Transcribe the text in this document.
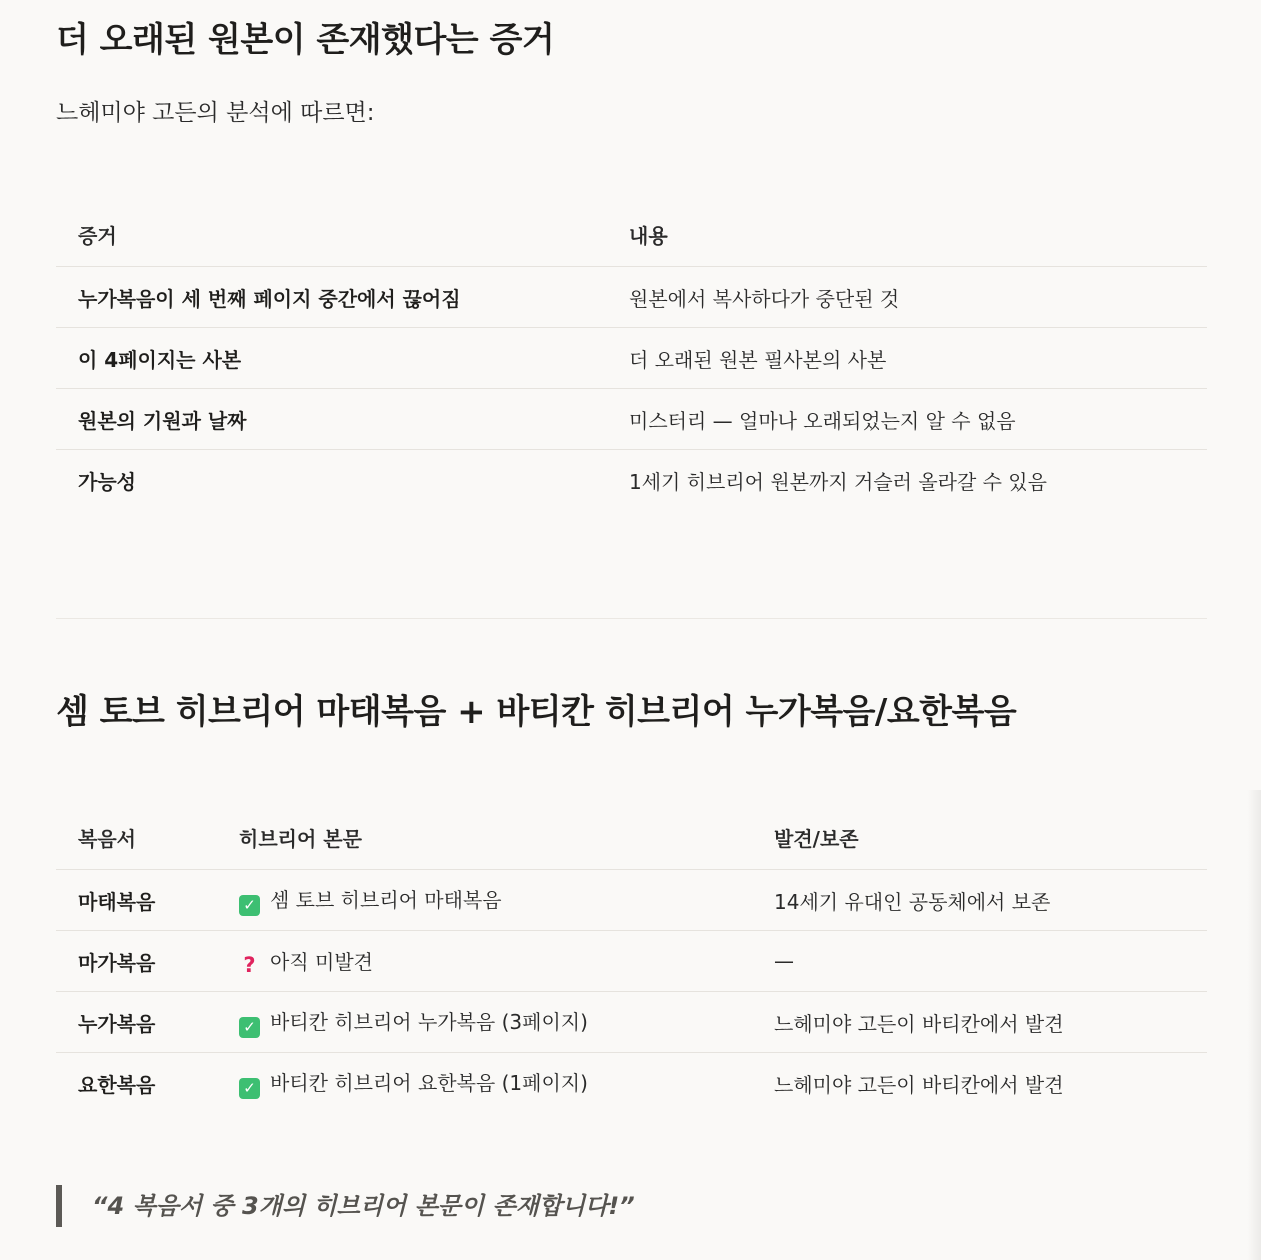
더 오래된 원본이 존재했다는 증거
느헤미야 고든의 분석에 따르면:
증거	내용
누가복음이 세 번째 페이지 중간에서 끊어짐	원본에서 복사하다가 중단된 것
이 4페이지는 사본	더 오래된 원본 필사본의 사본
원본의 기원과 날짜	미스터리 — 얼마나 오래되었는지 알 수 없음
가능성	1세기 히브리어 원본까지 거슬러 올라갈 수 있음
셈 토브 히브리어 마태복음 + 바티칸 히브리어 누가복음/요한복음
복음서	히브리어 본문	발견/보존
마태복음	✓ 셈 토브 히브리어 마태복음	14세기 유대인 공동체에서 보존
마가복음	? 아직 미발견	—
누가복음	✓ 바티칸 히브리어 누가복음 (3페이지)	느헤미야 고든이 바티칸에서 발견
요한복음	✓ 바티칸 히브리어 요한복음 (1페이지)	느헤미야 고든이 바티칸에서 발견
“4 복음서 중 3개의 히브리어 본문이 존재합니다!”
